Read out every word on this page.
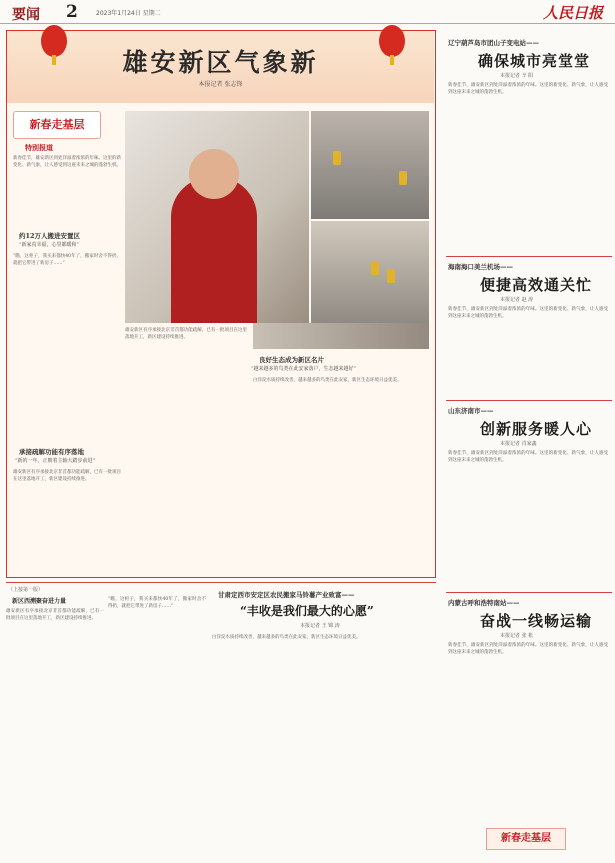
要闻 2	2023年1月24日 星期二	人民日报
雄安新区气象新
本报记者 张志锋
新春走基层
特别报道
新春佳节，雄安新区到处洋溢着浓浓的年味。这里的新变化、新气象，让人感受到这座未来之城的蓬勃生机。
约12万人搬进安置区
“新家真幸福，心里都暖和”
“瞧，这柜子，我买来都快40年了，搬家时舍不得扔，就把它带进了新房子……”
承接疏解功能有序落地
“新的一年，正朝着主轴大踏步前进”
雄安新区有序承接北京非首都功能疏解，已有一批项目在这里落地开工，新区建设持续推进。
雄安新区有序承接北京非首都功能疏解，已有一批项目在这里落地开工，新区建设持续推进。
良好生态成为新区名片
“越来越多的鸟类在此安家落户，生态越来越好”
白洋淀水质持续改善，越来越多的鸟类在此安家，新区生态环境日益优美。
辽宁葫芦岛市团山子变电站——
确保城市亮堂堂
本报记者 辛 阳
新春佳节，雄安新区到处洋溢着浓浓的年味。这里的新变化、新气象，让人感受到这座未来之城的蓬勃生机。
海南海口美兰机场——
便捷高效通关忙
本报记者 赵 涛
新春佳节，雄安新区到处洋溢着浓浓的年味。这里的新变化、新气象，让人感受到这座未来之城的蓬勃生机。
山东济南市——
创新服务暖人心
本报记者 肖家鑫
新春佳节，雄安新区到处洋溢着浓浓的年味。这里的新变化、新气象，让人感受到这座未来之城的蓬勃生机。
内蒙古呼和浩特南站——
奋战一线畅运输
本报记者 张 枨
新春佳节，雄安新区到处洋溢着浓浓的年味。这里的新变化、新气象，让人感受到这座未来之城的蓬勃生机。
新春走基层
（上接第一版）
新区西溯聚奋进力量
雄安新区有序承接北京非首都功能疏解，已有一批项目在这里落地开工，新区建设持续推进。
“瞧，这柜子，我买来都快40年了，搬家时舍不得扔，就把它带进了新房子……”
甘肃定西市安定区农民搬家马铃薯产业致富——
“丰收是我们最大的心愿”
本报记者 王 锦 涛
白洋淀水质持续改善，越来越多的鸟类在此安家，新区生态环境日益优美。
